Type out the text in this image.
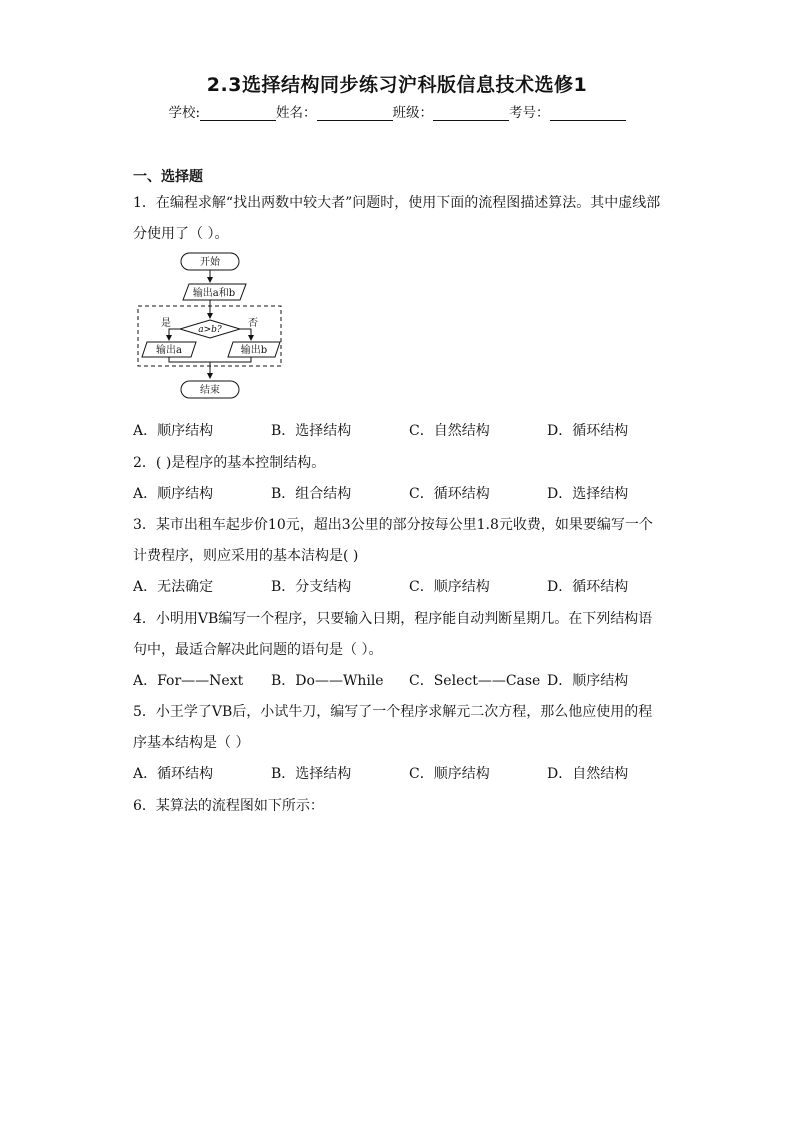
2.3选择结构同步练习沪科版信息技术选修1
学校:	姓名：	班级：	考号：
一、选择题
1．在编程求解“找出两数中较大者”问题时，使用下面的流程图描述算法。其中虚线部
分使用了（ ）。
开始
输出a和b
a>b?
是	否
输出a	输出b
结束
A．顺序结构	B．选择结构	C．自然结构	D．循环结构
2．( )是程序的基本控制结构。
A．顺序结构	B．组合结构	C．循环结构	D．选择结构
3．某市出租车起步价10元，超出3公里的部分按每公里1.8元收费，如果要编写一个
计费程序，则应采用的基本洁构是( )
A．无法确定	B．分支结构	C．顺序结构	D．循环结构
4．小明用VB编写一个程序，只要输入日期，程序能自动判断星期几。在下列结构语
句中，最适合解决此问题的语句是（ ）。
A．For——Next B．Do——While C．Select——Case D．顺序结构
5．小王学了VB后，小试牛刀，编写了一个程序求解元二次方程，那么他应使用的程
序基本结构是（ ）
A．循环结构	B．选择结构	C．顺序结构	D．自然结构
6．某算法的流程图如下所示：
